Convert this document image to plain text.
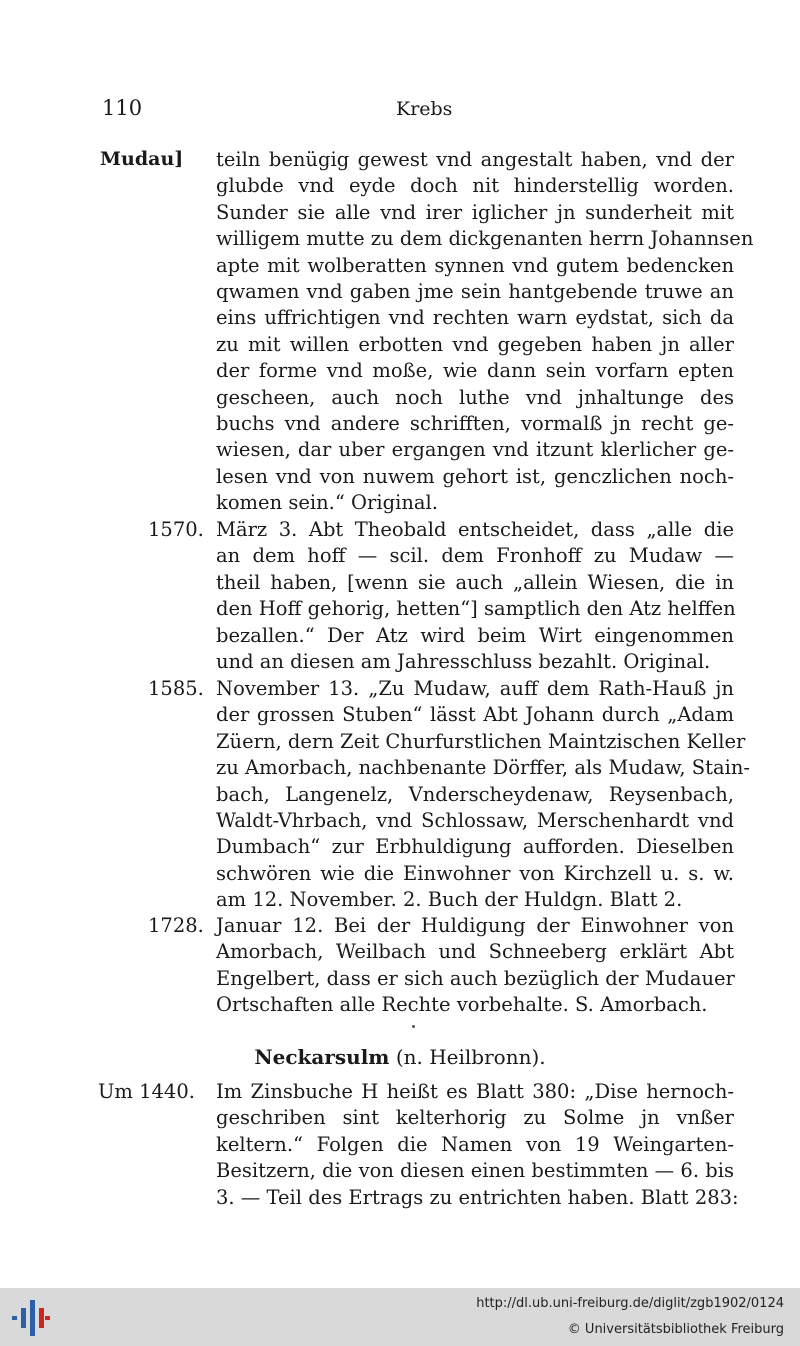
110	Krebs
Mudau] teiln benügig gewest vnd angestalt haben, vnd der
glubde vnd eyde doch nit hinderstellig worden.
Sunder sie alle vnd irer iglicher jn sunderheit mit
willigem mutte zu dem dickgenanten herrn Johannsen
apte mit wolberatten synnen vnd gutem bedencken
qwamen vnd gaben jme sein hantgebende truwe an
eins uffrichtigen vnd rechten warn eydstat, sich da
zu mit willen erbotten vnd gegeben haben jn aller
der forme vnd moße, wie dann sein vorfarn epten
gescheen, auch noch luthe vnd jnhaltunge des
buchs vnd andere schrifften, vormalß jn recht ge-
wiesen, dar uber ergangen vnd itzunt klerlicher ge-
lesen vnd von nuwem gehort ist, genczlichen noch-
komen sein.“ Original.
1570. März 3. Abt Theobald entscheidet, dass „alle die
an dem hoff — scil. dem Fronhoff zu Mudaw —
theil haben, [wenn sie auch „allein Wiesen, die in
den Hoff gehorig, hetten“] samptlich den Atz helffen
bezallen.“ Der Atz wird beim Wirt eingenommen
und an diesen am Jahresschluss bezahlt. Original.
1585. November 13. „Zu Mudaw, auff dem Rath-Hauß jn
der grossen Stuben“ lässt Abt Johann durch „Adam
Züern, dern Zeit Churfurstlichen Maintzischen Keller
zu Amorbach, nachbenante Dörffer, als Mudaw, Stain-
bach, Langenelz, Vnderscheydenaw, Reysenbach,
Waldt-Vhrbach, vnd Schlossaw, Merschenhardt vnd
Dumbach“ zur Erbhuldigung aufforden. Dieselben
schwören wie die Einwohner von Kirchzell u. s. w.
am 12. November. 2. Buch der Huldgn. Blatt 2.
1728. Januar 12. Bei der Huldigung der Einwohner von
Amorbach, Weilbach und Schneeberg erklärt Abt
Engelbert, dass er sich auch bezüglich der Mudauer
Ortschaften alle Rechte vorbehalte. S. Amorbach.
Um 1440. Im Zinsbuche H heißt es Blatt 380: „Dise hernoch-
geschriben sint kelterhorig zu Solme jn vnßer
keltern.“ Folgen die Namen von 19 Weingarten-
Besitzern, die von diesen einen bestimmten — 6. bis
3. — Teil des Ertrags zu entrichten haben. Blatt 283:
Neckarsulm (n. Heilbronn).
http://dl.ub.uni-freiburg.de/diglit/zgb1902/0124
© Universitätsbibliothek Freiburg
